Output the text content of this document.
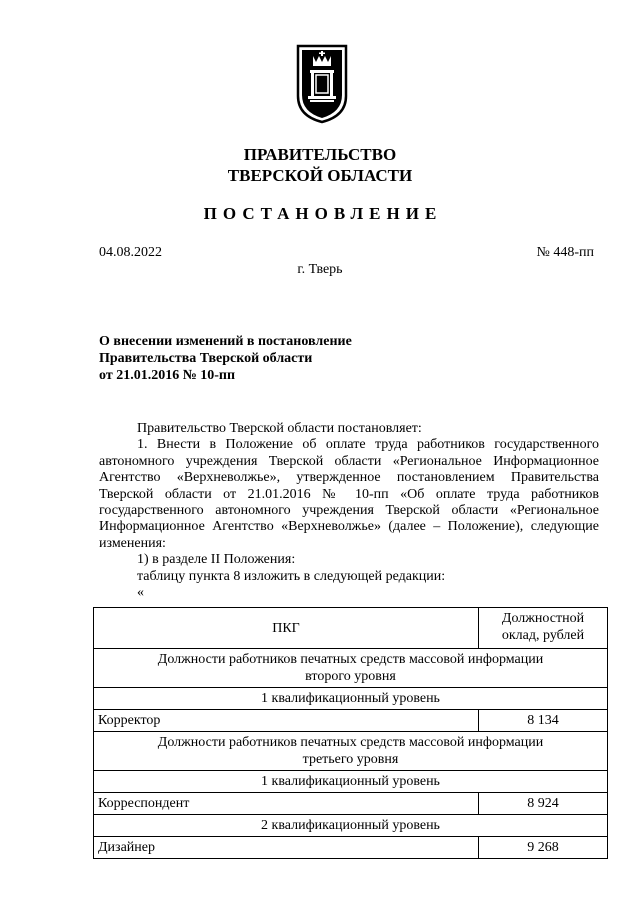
ПРАВИТЕЛЬСТВО
ТВЕРСКОЙ ОБЛАСТИ
ПОСТАНОВЛЕНИЕ
04.08.2022	№ 448-пп
г. Тверь
О внесении изменений в постановление
Правительства Тверской области
от 21.01.2016 № 10-пп

Правительство Тверской области постановляет:

1. Внести в Положение об оплате труда работников государственного автономного учреждения Тверской области «Региональное Информационное Агентство «Верхневолжье», утвержденное постановлением Правительства Тверской области от 21.01.2016 № 10-пп «Об оплате труда работников государственного автономного учреждения Тверской области «Региональное Информационное Агентство «Верхневолжье» (далее – Положение), следующие изменения:

1) в разделе II Положения:

таблицу пункта 8 изложить в следующей редакции:

«

ПКГ	Должностной
оклад, рублей

Должности работников печатных средств массовой информации
второго уровня	

1 квалификационный уровень	
Корректор	8 134

Должности работников печатных средств массовой информации
третьего уровня	

1 квалификационный уровень	
Корреспондент	8 924
2 квалификационный уровень	
Дизайнер	9 268
